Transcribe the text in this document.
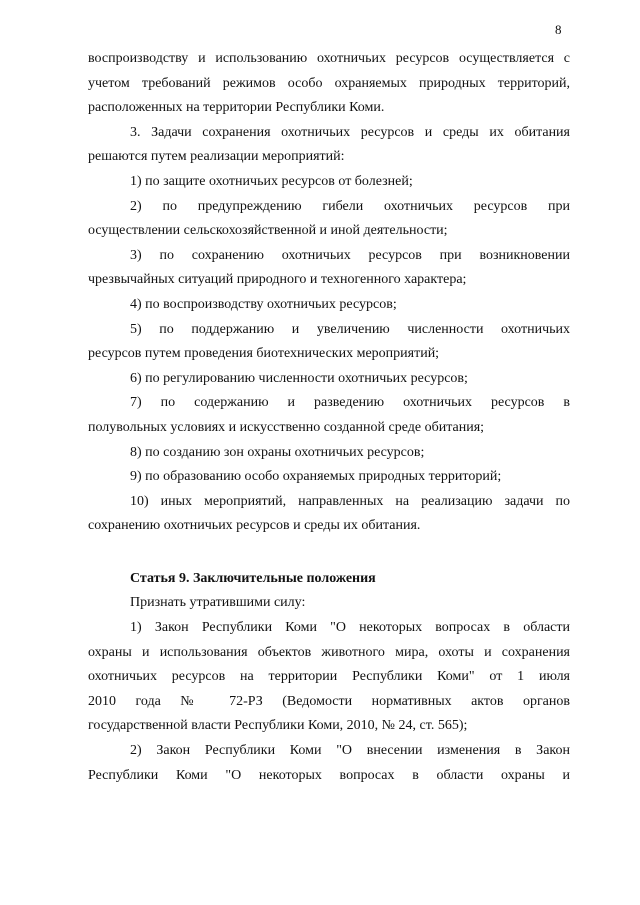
8
воспроизводству и использованию охотничьих ресурсов осуществляется с
учетом требований режимов особо охраняемых природных территорий,
расположенных на территории Республики Коми.
3. Задачи сохранения охотничьих ресурсов и среды их обитания
решаются путем реализации мероприятий:
1) по защите охотничьих ресурсов от болезней;
2) по предупреждению гибели охотничьих ресурсов при
осуществлении сельскохозяйственной и иной деятельности;
3) по сохранению охотничьих ресурсов при возникновении
чрезвычайных ситуаций природного и техногенного характера;
4) по воспроизводству охотничьих ресурсов;
5) по поддержанию и увеличению численности охотничьих
ресурсов путем проведения биотехнических мероприятий;
6) по регулированию численности охотничьих ресурсов;
7) по содержанию и разведению охотничьих ресурсов в
полувольных условиях и искусственно созданной среде обитания;
8) по созданию зон охраны охотничьих ресурсов;
9) по образованию особо охраняемых природных территорий;
10) иных мероприятий, направленных на реализацию задачи по
сохранению охотничьих ресурсов и среды их обитания.
Статья 9. Заключительные положения
Признать утратившими силу:
1) Закон Республики Коми "О некоторых вопросах в области
охраны и использования объектов животного мира, охоты и сохранения
охотничьих ресурсов на территории Республики Коми" от 1 июля
2010 года № 72-РЗ (Ведомости нормативных актов органов
государственной власти Республики Коми, 2010, № 24, ст. 565);
2) Закон Республики Коми "О внесении изменения в Закон
Республики Коми "О некоторых вопросах в области охраны и
